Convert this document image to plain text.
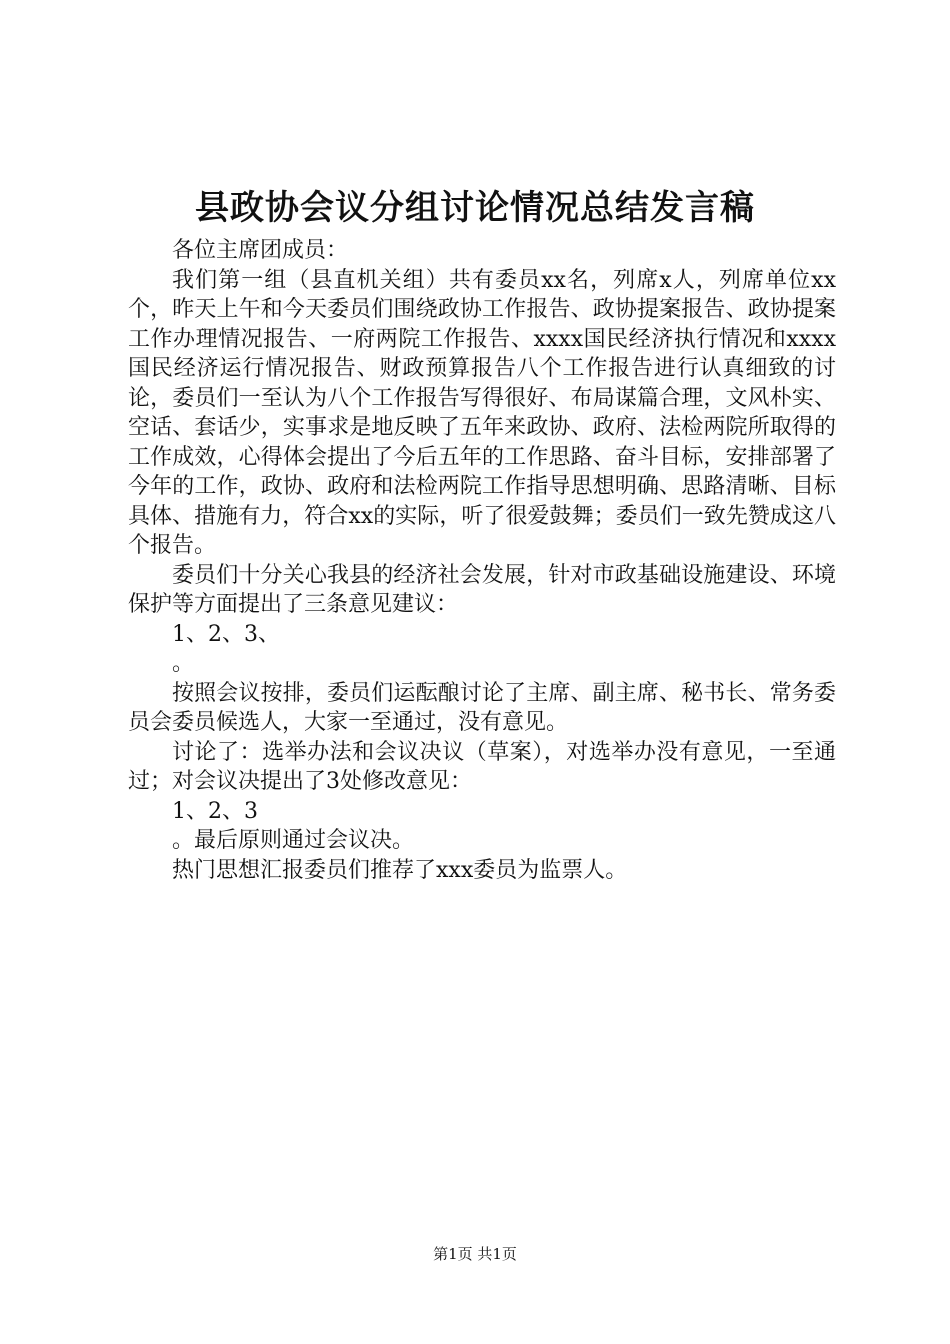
县政协会议分组讨论情况总结发言稿

各位主席团成员：

我们第一组（县直机关组）共有委员xx名，列席x人，列席单位xx个，昨天上午和今天委员们围绕政协工作报告、政协提案报告、政协提案工作办理情况报告、一府两院工作报告、xxxx国民经济执行情况和xxxx国民经济运行情况报告、财政预算报告八个工作报告进行认真细致的讨论，委员们一至认为八个工作报告写得很好、布局谋篇合理，文风朴实、空话、套话少，实事求是地反映了五年来政协、政府、法检两院所取得的工作成效，心得体会提出了今后五年的工作思路、奋斗目标，安排部署了今年的工作，政协、政府和法检两院工作指导思想明确、思路清晰、目标具体、措施有力，符合xx的实际，听了很爱鼓舞；委员们一致先赞成这八个报告。

委员们十分关心我县的经济社会发展，针对市政基础设施建设、环境保护等方面提出了三条意见建议：

1、2、3、

。

按照会议按排，委员们运酝酿讨论了主席、副主席、秘书长、常务委员会委员候选人，大家一至通过，没有意见。

讨论了：选举办法和会议决议（草案），对选举办没有意见，一至通过；对会议决提出了3处修改意见：

1、2、3

。最后原则通过会议决。

热门思想汇报委员们推荐了xxx委员为监票人。

第1页 共1页
